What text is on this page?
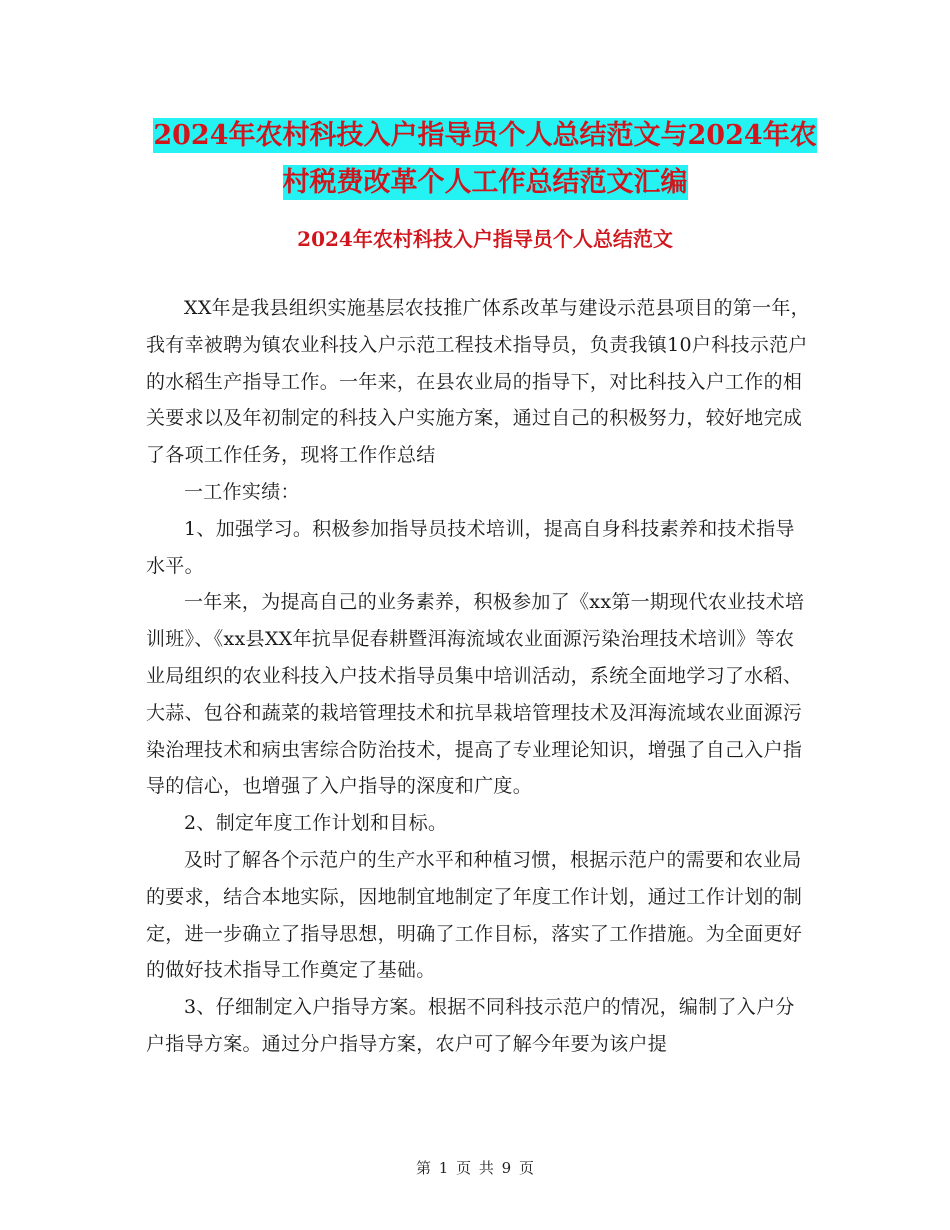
2024年农村科技入户指导员个人总结范文与2024年农
村税费改革个人工作总结范文汇编
2024年农村科技入户指导员个人总结范文

XX年是我县组织实施基层农技推广体系改革与建设示范县项目的第一年，我有幸被聘为镇农业科技入户示范工程技术指导员，负责我镇10户科技示范户的水稻生产指导工作。一年来，在县农业局的指导下，对比科技入户工作的相关要求以及年初制定的科技入户实施方案，通过自己的积极努力，较好地完成了各项工作任务，现将工作作总结

一工作实绩：

1、加强学习。积极参加指导员技术培训，提高自身科技素养和技术指导水平。

一年来，为提高自己的业务素养，积极参加了《xx第一期现代农业技术培训班》、《xx县XX年抗旱促春耕暨洱海流域农业面源污染治理技术培训》等农业局组织的农业科技入户技术指导员集中培训活动，系统全面地学习了水稻、大蒜、包谷和蔬菜的栽培管理技术和抗旱栽培管理技术及洱海流域农业面源污染治理技术和病虫害综合防治技术，提高了专业理论知识，增强了自己入户指导的信心，也增强了入户指导的深度和广度。

2、制定年度工作计划和目标。

及时了解各个示范户的生产水平和种植习惯，根据示范户的需要和农业局的要求，结合本地实际，因地制宜地制定了年度工作计划，通过工作计划的制定，进一步确立了指导思想，明确了工作目标，落实了工作措施。为全面更好的做好技术指导工作奠定了基础。

3、仔细制定入户指导方案。根据不同科技示范户的情况，编制了入户分户指导方案。通过分户指导方案，农户可了解今年要为该户提

第 1 页 共 9 页
